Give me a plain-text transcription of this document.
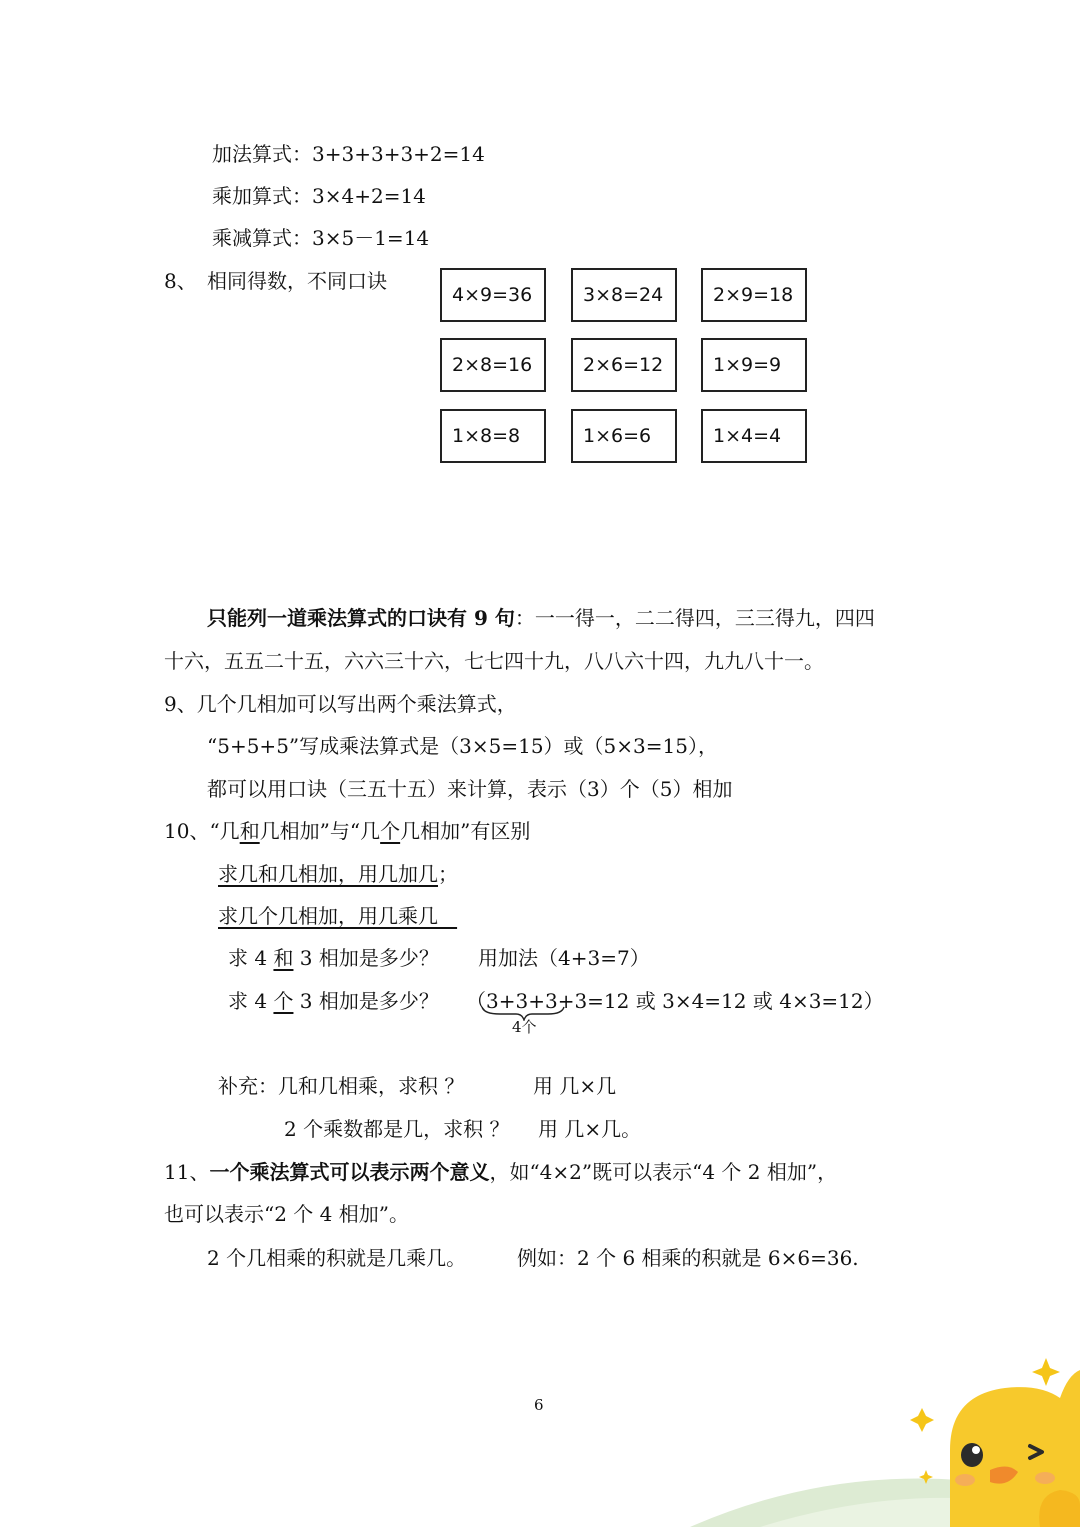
加法算式：3+3+3+3+2=14
乘加算式：3×4+2=14
乘减算式：3×5－1=14
8、 相同得数，不同口诀
4×9=36	3×8=24	2×9=18
2×8=16	2×6=12	1×9=9
1×8=8	1×6=6	1×4=4
只能列一道乘法算式的口诀有 9 句：一一得一，二二得四，三三得九，四四
十六，五五二十五，六六三十六，七七四十九，八八六十四，九九八十一。
9、几个几相加可以写出两个乘法算式，
“5+5+5”写成乘法算式是（3×5=15）或（5×3=15），
都可以用口诀（三五十五）来计算，表示（3）个（5）相加
10、“几和几相加”与“几个几相加”有区别
求几和几相加，用几加几；
求几个几相加，用几乘几
求 4 和 3 相加是多少？ 用加法（4+3=7）
求 4 个 3 相加是多少？ （3+3+3+3=12 或 3×4=12 或 4×3=12）
4个
补充：几和几相乘，求积 ？	用 几×几
2 个乘数都是几，求积 ？ 用 几×几。
11、一个乘法算式可以表示两个意义，如“4×2”既可以表示“4 个 2 相加”，
也可以表示“2 个 4 相加”。
2 个几相乘的积就是几乘几。	例如：2 个 6 相乘的积就是 6×6=36.
6
